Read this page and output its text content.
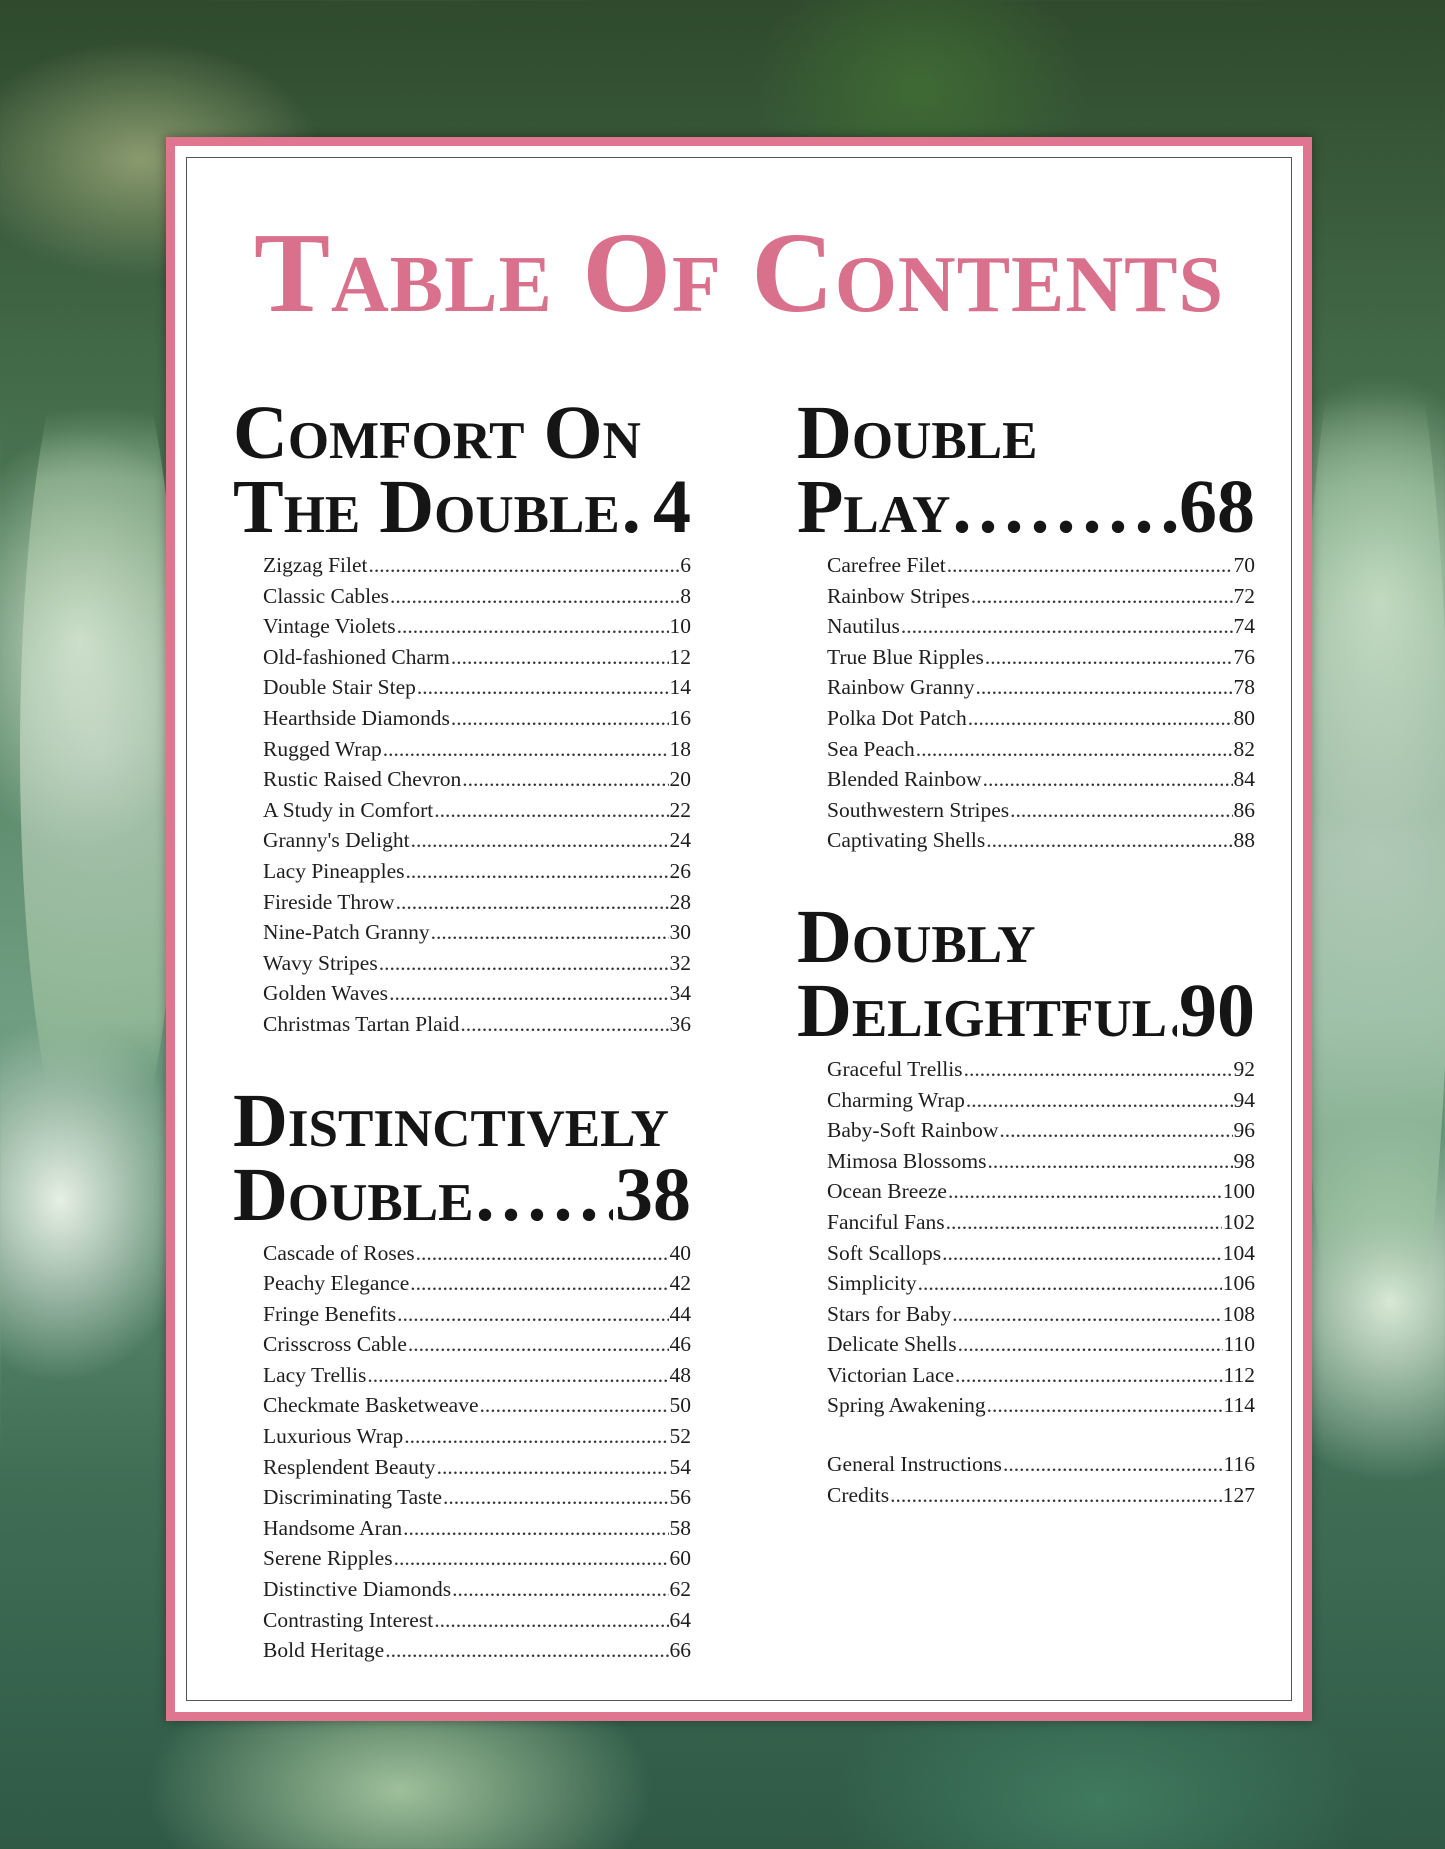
Table Of Contents
Comfort On
The Double . . . 4
Zigzag Filet .....	6
Classic Cables .....	8
Vintage Violets .....	10
Old-fashioned Charm .....	12
Double Stair Step .....	14
Hearthside Diamonds .....	16
Rugged Wrap .....	18
Rustic Raised Chevron .....	20
A Study in Comfort .....	22
Granny's Delight .....	24
Lacy Pineapples .....	26
Fireside Throw .....	28
Nine-Patch Granny .....	30
Wavy Stripes .....	32
Golden Waves .....	34
Christmas Tartan Plaid .....	36
Distinctively
Double . . . 38
Cascade of Roses .....	40
Peachy Elegance .....	42
Fringe Benefits .....	44
Crisscross Cable .....	46
Lacy Trellis .....	48
Checkmate Basketweave .....	50
Luxurious Wrap .....	52
Resplendent Beauty .....	54
Discriminating Taste .....	56
Handsome Aran .....	58
Serene Ripples .....	60
Distinctive Diamonds .....	62
Contrasting Interest .....	64
Bold Heritage .....	66
Double
Play . . .	68
Carefree Filet .....	70
Rainbow Stripes .....	72
Nautilus .....	74
True Blue Ripples .....	76
Rainbow Granny .....	78
Polka Dot Patch .....	80
Sea Peach .....	82
Blended Rainbow .....	84
Southwestern Stripes .....	86
Captivating Shells .....	88
Doubly
Delightful . . . 90
Graceful Trellis .....	92
Charming Wrap .....	94
Baby-Soft Rainbow .....	96
Mimosa Blossoms .....	98
Ocean Breeze .....	100
Fanciful Fans .....	102
Soft Scallops .....	104
Simplicity .....	106
Stars for Baby .....	108
Delicate Shells .....	110
Victorian Lace .....	112
Spring Awakening .....	114
General Instructions .....	116
Credits .....	127
